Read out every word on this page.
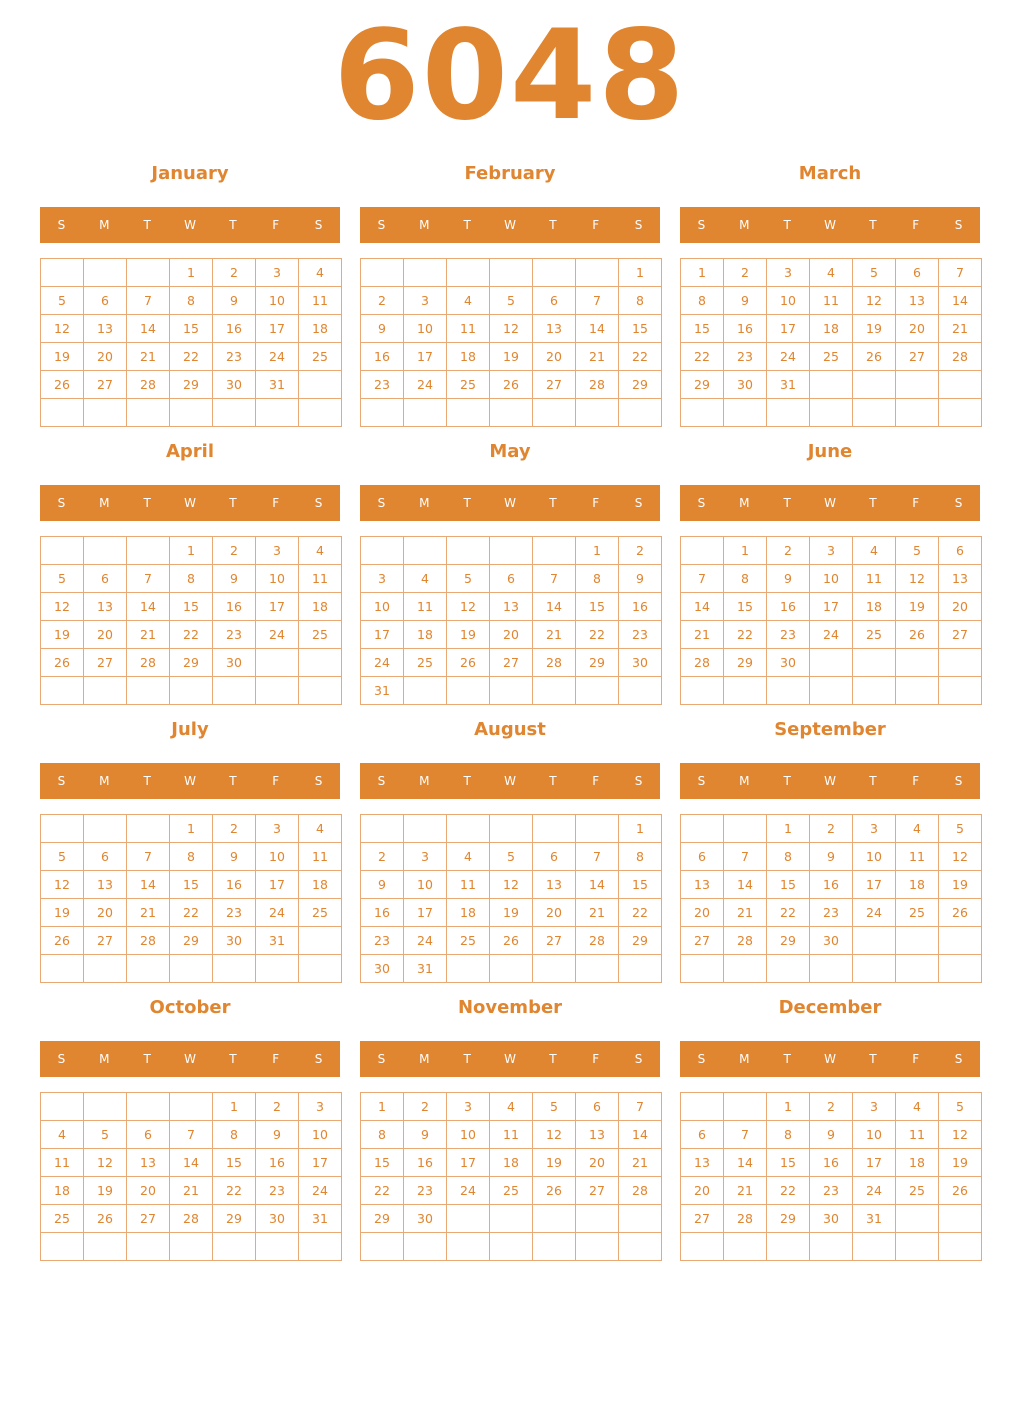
6048
January
S	M	T	W	T	F	S
			1	2	3	4
5	6	7	8	9	10	11
12	13	14	15	16	17	18
19	20	21	22	23	24	25
26	27	28	29	30	31	

February
S	M	T	W	T	F	S
						1
2	3	4	5	6	7	8
9	10	11	12	13	14	15
16	17	18	19	20	21	22
23	24	25	26	27	28	29

March
S	M	T	W	T	F	S
1	2	3	4	5	6	7
8	9	10	11	12	13	14
15	16	17	18	19	20	21
22	23	24	25	26	27	28
29	30	31				

April
S	M	T	W	T	F	S
			1	2	3	4
5	6	7	8	9	10	11
12	13	14	15	16	17	18
19	20	21	22	23	24	25
26	27	28	29	30		

May
S	M	T	W	T	F	S
					1	2
3	4	5	6	7	8	9
10	11	12	13	14	15	16
17	18	19	20	21	22	23
24	25	26	27	28	29	30
31						
June
S	M	T	W	T	F	S
	1	2	3	4	5	6
7	8	9	10	11	12	13
14	15	16	17	18	19	20
21	22	23	24	25	26	27
28	29	30				

July
S	M	T	W	T	F	S
			1	2	3	4
5	6	7	8	9	10	11
12	13	14	15	16	17	18
19	20	21	22	23	24	25
26	27	28	29	30	31	

August
S	M	T	W	T	F	S
						1
2	3	4	5	6	7	8
9	10	11	12	13	14	15
16	17	18	19	20	21	22
23	24	25	26	27	28	29
30	31					
September
S	M	T	W	T	F	S
		1	2	3	4	5
6	7	8	9	10	11	12
13	14	15	16	17	18	19
20	21	22	23	24	25	26
27	28	29	30			

October
S	M	T	W	T	F	S
				1	2	3
4	5	6	7	8	9	10
11	12	13	14	15	16	17
18	19	20	21	22	23	24
25	26	27	28	29	30	31

November
S	M	T	W	T	F	S
1	2	3	4	5	6	7
8	9	10	11	12	13	14
15	16	17	18	19	20	21
22	23	24	25	26	27	28
29	30					

December
S	M	T	W	T	F	S
		1	2	3	4	5
6	7	8	9	10	11	12
13	14	15	16	17	18	19
20	21	22	23	24	25	26
27	28	29	30	31		
